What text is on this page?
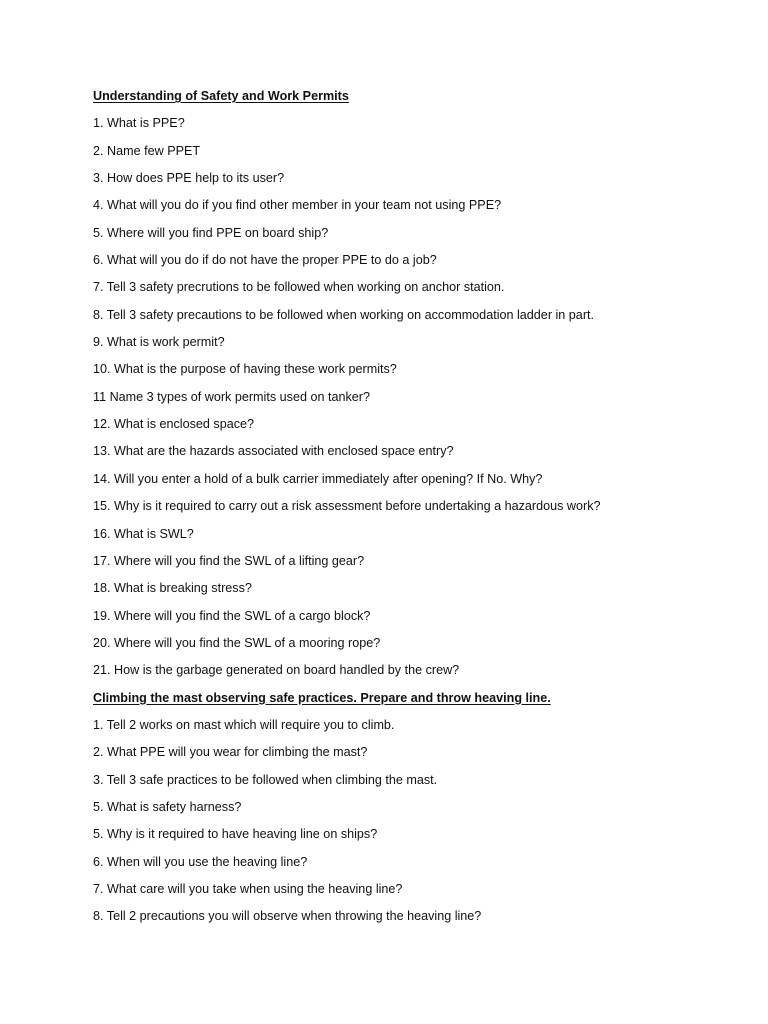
Understanding of Safety and Work Permits
1. What is PPE?
2. Name few PPET
3. How does PPE help to its user?
4. What will you do if you find other member in your team not using PPE?
5. Where will you find PPE on board ship?
6. What will you do if do not have the proper PPE to do a job?
7. Tell 3 safety precrutions to be followed when working on anchor station.
8. Tell 3 safety precautions to be followed when working on accommodation ladder in part.
9. What is work permit?
10. What is the purpose of having these work permits?
11 Name 3 types of work permits used on tanker?
12. What is enclosed space?
13. What are the hazards associated with enclosed space entry?
14. Will you enter a hold of a bulk carrier immediately after opening? If No. Why?
15. Why is it required to carry out a risk assessment before undertaking a hazardous work?
16. What is SWL?
17. Where will you find the SWL of a lifting gear?
18. What is breaking stress?
19. Where will you find the SWL of a cargo block?
20. Where will you find the SWL of a mooring rope?
21. How is the garbage generated on board handled by the crew?
Climbing the mast observing safe practices. Prepare and throw heaving line.
1. Tell 2 works on mast which will require you to climb.
2. What PPE will you wear for climbing the mast?
3. Tell 3 safe practices to be followed when climbing the mast.
5. What is safety harness?
5. Why is it required to have heaving line on ships?
6. When will you use the heaving line?
7. What care will you take when using the heaving line?
8. Tell 2 precautions you will observe when throwing the heaving line?
